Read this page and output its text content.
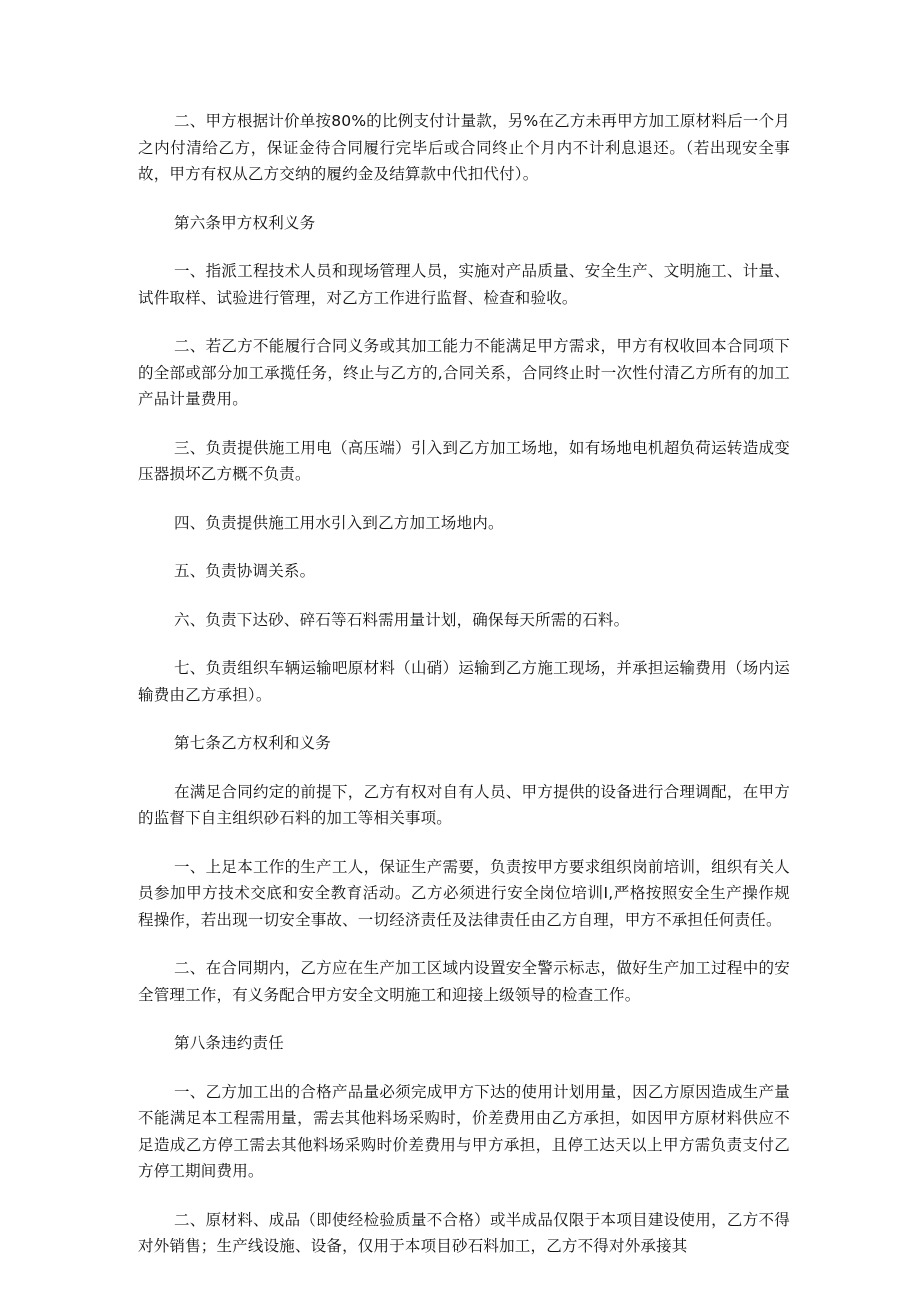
二、甲方根据计价单按80%的比例支付计量款，另%在乙方未再甲方加工原材料后一个月之内付清给乙方，保证金待合同履行完毕后或合同终止个月内不计利息退还。（若出现安全事故，甲方有权从乙方交纳的履约金及结算款中代扣代付）。

第六条甲方权利义务

一、指派工程技术人员和现场管理人员，实施对产品质量、安全生产、文明施工、计量、试件取样、试验进行管理，对乙方工作进行监督、检查和验收。

二、若乙方不能履行合同义务或其加工能力不能满足甲方需求，甲方有权收回本合同项下的全部或部分加工承揽任务，终止与乙方的,合同关系，合同终止时一次性付清乙方所有的加工产品计量费用。

三、负责提供施工用电（高压端）引入到乙方加工场地，如有场地电机超负荷运转造成变压器损坏乙方概不负责。

四、负责提供施工用水引入到乙方加工场地内。

五、负责协调关系。

六、负责下达砂、碎石等石料需用量计划，确保每天所需的石料。

七、负责组织车辆运输吧原材料（山硝）运输到乙方施工现场，并承担运输费用（场内运输费由乙方承担）。

第七条乙方权利和义务

在满足合同约定的前提下，乙方有权对自有人员、甲方提供的设备进行合理调配，在甲方的监督下自主组织砂石料的加工等相关事项。

一、上足本工作的生产工人，保证生产需要，负责按甲方要求组织岗前培训，组织有关人员参加甲方技术交底和安全教育活动。乙方必须进行安全岗位培训I,严格按照安全生产操作规程操作，若出现一切安全事故、一切经济责任及法律责任由乙方自理，甲方不承担任何责任。

二、在合同期内，乙方应在生产加工区域内设置安全警示标志，做好生产加工过程中的安全管理工作，有义务配合甲方安全文明施工和迎接上级领导的检查工作。

第八条违约责任

一、乙方加工出的合格产品量必须完成甲方下达的使用计划用量，因乙方原因造成生产量不能满足本工程需用量，需去其他料场采购时，价差费用由乙方承担，如因甲方原材料供应不足造成乙方停工需去其他料场采购时价差费用与甲方承担，且停工达天以上甲方需负责支付乙方停工期间费用。

二、原材料、成品（即使经检验质量不合格）或半成品仅限于本项目建设使用，乙方不得对外销售；生产线设施、设备，仅用于本项目砂石料加工，乙方不得对外承接其
